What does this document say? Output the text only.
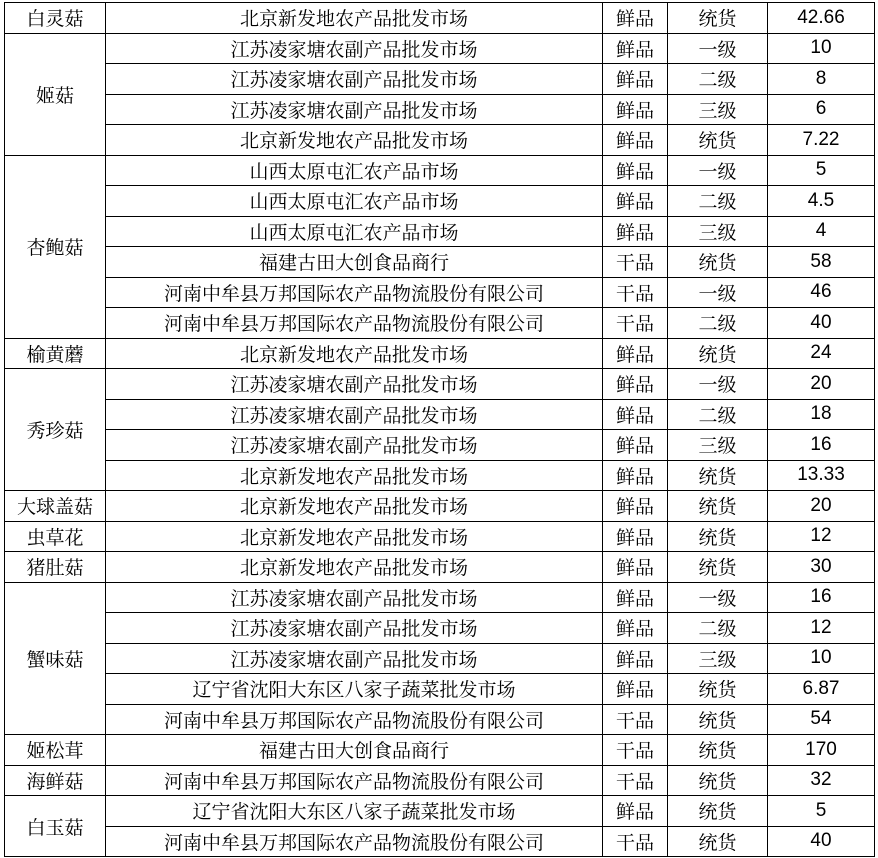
白灵菇	北京新发地农产品批发市场	鲜品	统货	42.66
姬菇	江苏凌家塘农副产品批发市场	鲜品	一级	10
	江苏凌家塘农副产品批发市场	鲜品	二级	8
	江苏凌家塘农副产品批发市场	鲜品	三级	6
	北京新发地农产品批发市场	鲜品	统货	7.22
杏鲍菇	山西太原屯汇农产品市场	鲜品	一级	5
	山西太原屯汇农产品市场	鲜品	二级	4.5
	山西太原屯汇农产品市场	鲜品	三级	4
	福建古田大创食品商行	干品	统货	58
	河南中牟县万邦国际农产品物流股份有限公司	干品	一级	46
	河南中牟县万邦国际农产品物流股份有限公司	干品	二级	40
榆黄蘑	北京新发地农产品批发市场	鲜品	统货	24
秀珍菇	江苏凌家塘农副产品批发市场	鲜品	一级	20
	江苏凌家塘农副产品批发市场	鲜品	二级	18
	江苏凌家塘农副产品批发市场	鲜品	三级	16
	北京新发地农产品批发市场	鲜品	统货	13.33
大球盖菇	北京新发地农产品批发市场	鲜品	统货	20
虫草花	北京新发地农产品批发市场	鲜品	统货	12
猪肚菇	北京新发地农产品批发市场	鲜品	统货	30
蟹味菇	江苏凌家塘农副产品批发市场	鲜品	一级	16
	江苏凌家塘农副产品批发市场	鲜品	二级	12
	江苏凌家塘农副产品批发市场	鲜品	三级	10
	辽宁省沈阳大东区八家子蔬菜批发市场	鲜品	统货	6.87
	河南中牟县万邦国际农产品物流股份有限公司	干品	统货	54
姬松茸	福建古田大创食品商行	干品	统货	170
海鲜菇	河南中牟县万邦国际农产品物流股份有限公司	干品	统货	32
白玉菇	辽宁省沈阳大东区八家子蔬菜批发市场	鲜品	统货	5
	河南中牟县万邦国际农产品物流股份有限公司	干品	统货	40
